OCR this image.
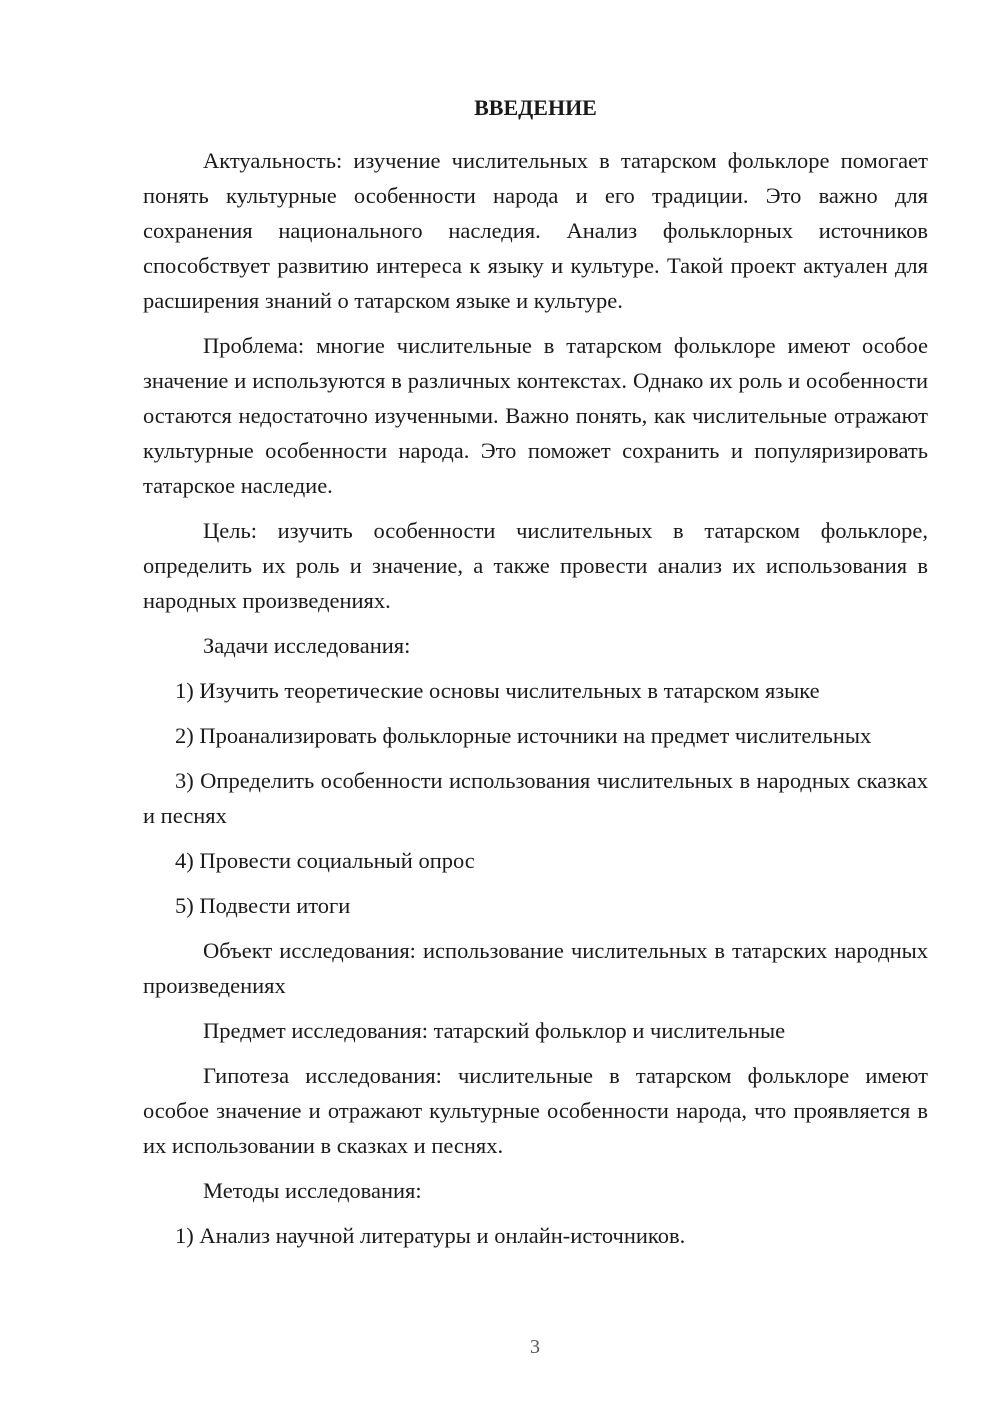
ВВЕДЕНИЕ

Актуальность: изучение числительных в татарском фольклоре помогает понять культурные особенности народа и его традиции. Это важно для сохранения национального наследия. Анализ фольклорных источников способствует развитию интереса к языку и культуре. Такой проект актуален для расширения знаний о татарском языке и культуре.

Проблема: многие числительные в татарском фольклоре имеют особое значение и используются в различных контекстах. Однако их роль и особенности остаются недостаточно изученными. Важно понять, как числительные отражают культурные особенности народа. Это поможет сохранить и популяризировать татарское наследие.

Цель: изучить особенности числительных в татарском фольклоре, определить их роль и значение, а также провести анализ их использования в народных произведениях.

Задачи исследования:

1) Изучить теоретические основы числительных в татарском языке

2) Проанализировать фольклорные источники на предмет числительных

3) Определить особенности использования числительных в народных сказках и песнях

4) Провести социальный опрос

5) Подвести итоги

Объект исследования: использование числительных в татарских народных произведениях

Предмет исследования: татарский фольклор и числительные

Гипотеза исследования: числительные в татарском фольклоре имеют особое значение и отражают культурные особенности народа, что проявляется в их использовании в сказках и песнях.

Методы исследования:

1) Анализ научной литературы и онлайн-источников.

3
